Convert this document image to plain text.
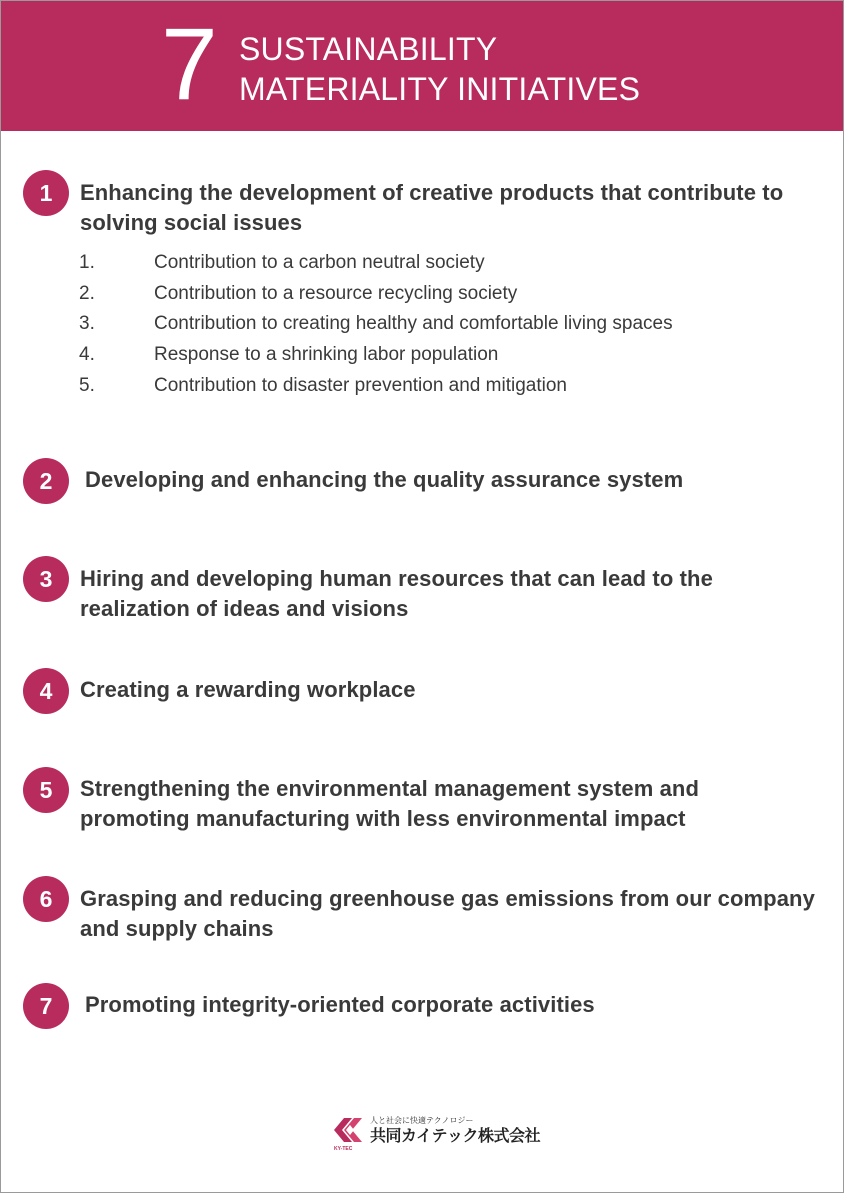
7 SUSTAINABILITY
MATERIALITY INITIATIVES
1	Enhancing the development of creative products that contribute to solving social issues
1.	Contribution to a carbon neutral society
2.	Contribution to a resource recycling society
3.	Contribution to creating healthy and comfortable living spaces
4.	Response to a shrinking labor population
5.	Contribution to disaster prevention and mitigation
2	Developing and enhancing the quality assurance system
3	Hiring and developing human resources that can lead to the realization of ideas and visions
4	Creating a rewarding workplace
5	Strengthening the environmental management system and promoting manufacturing with less environmental impact
6	Grasping and reducing greenhouse gas emissions from our company and supply chains
7	Promoting integrity-oriented corporate activities
KY-TEC
人と社会に快適テクノロジー
共同カイテック株式会社
